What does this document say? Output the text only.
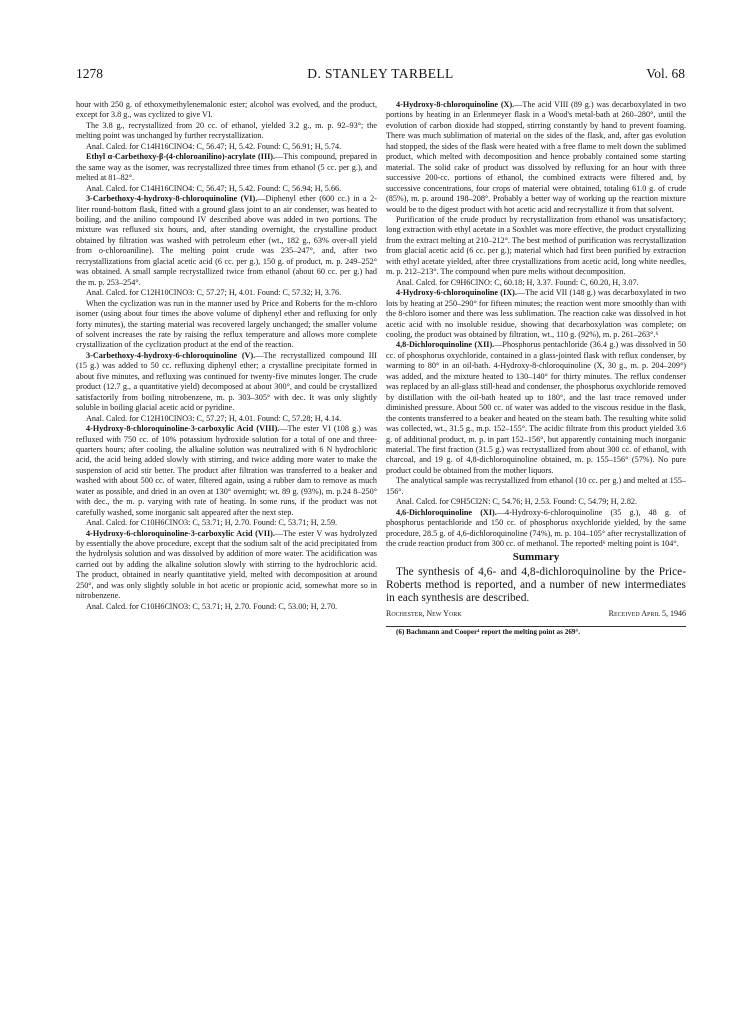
1278	D. STANLEY TARBELL	Vol. 68

hour with 250 g. of ethoxymethylenemalonic ester; alcohol was evolved, and the product, except for 3.8 g., was cyclized to give VI.

The 3.8 g., recrystallized from 20 cc. of ethanol, yielded 3.2 g., m. p. 92–93°; the melting point was unchanged by further recrystallization.

Anal. Calcd. for C14H16ClNO4: C, 56.47; H, 5.42. Found: C, 56.91; H, 5.74.

Ethyl α-Carbethoxy-β-(4-chloroanilino)-acrylate (III).—This compound, prepared in the same way as the isomer, was recrystallized three times from ethanol (5 cc. per g.), and melted at 81–82°.

Anal. Calcd. for C14H16ClNO4: C, 56.47; H, 5.42. Found: C, 56.94; H, 5.66.

3-Carbethoxy-4-hydroxy-8-chloroquinoline (VI).—Diphenyl ether (600 cc.) in a 2-liter round-bottom flask, fitted with a ground glass joint to an air condenser, was heated to boiling, and the anilino compound IV described above was added in two portions. The mixture was refluxed six hours, and, after standing overnight, the crystalline product obtained by filtration was washed with petroleum ether (wt., 182 g., 63% over-all yield from o-chloroaniline). The melting point crude was 235–247°, and, after two recrystallizations from glacial acetic acid (6 cc. per g.), 150 g. of product, m. p. 249–252° was obtained. A small sample recrystallized twice from ethanol (about 60 cc. per g.) had the m. p. 253–254°.

Anal. Calcd. for C12H10ClNO3: C, 57.27; H, 4.01. Found: C, 57.32; H, 3.76.

When the cyclization was run in the manner used by Price and Roberts for the m-chloro isomer (using about four times the above volume of diphenyl ether and refluxing for only forty minutes), the starting material was recovered largely unchanged; the smaller volume of solvent increases the rate by raising the reflux temperature and allows more complete crystallization of the cyclization product at the end of the reaction.

3-Carbethoxy-4-hydroxy-6-chloroquinoline (V).—The recrystallized compound III (15 g.) was added to 50 cc. refluxing diphenyl ether; a crystalline precipitate formed in about five minutes, and refluxing was continued for twenty-five minutes longer. The crude product (12.7 g., a quantitative yield) decomposed at about 300°, and could be crystallized satisfactorily from boiling nitrobenzene, m. p. 303–305° with dec. It was only slightly soluble in boiling glacial acetic acid or pyridine.

Anal. Calcd. for C12H10ClNO3: C, 57.27; H, 4.01. Found: C, 57.28; H, 4.14.

4-Hydroxy-8-chloroquinoline-3-carboxylic Acid (VIII).—The ester VI (108 g.) was refluxed with 750 cc. of 10% potassium hydroxide solution for a total of one and three-quarters hours; after cooling, the alkaline solution was neutralized with 6 N hydrochloric acid, the acid being added slowly with stirring, and twice adding more water to make the suspension of acid stir better. The product after filtration was transferred to a beaker and washed with about 500 cc. of water, filtered again, using a rubber dam to remove as much water as possible, and dried in an oven at 130° overnight; wt. 89 g. (93%), m. p.24 8–250° with dec., the m. p. varying with rate of heating. In some runs, if the product was not carefully washed, some inorganic salt appeared after the next step.

Anal. Calcd. for C10H6ClNO3: C, 53.71; H, 2.70. Found: C, 53.71; H, 2.59.

4-Hydroxy-6-chloroquinoline-3-carboxylic Acid (VII).—The ester V was hydrolyzed by essentially the above procedure, except that the sodium salt of the acid precipitated from the hydrolysis solution and was dissolved by addition of more water. The acidification was carried out by adding the alkaline solution slowly with stirring to the hydrochloric acid. The product, obtained in nearly quantitative yield, melted with decomposition at around 250°, and was only slightly soluble in hot acetic or propionic acid, somewhat more so in nitrobenzene.

Anal. Calcd. for C10H6ClNO3: C, 53.71; H, 2.70. Found: C, 53.00; H, 2.70.

4-Hydroxy-8-chloroquinoline (X).—The acid VIII (89 g.) was decarboxylated in two portions by heating in an Erlenmeyer flask in a Wood's metal-bath at 260–280°, until the evolution of carbon dioxide had stopped, stirring constantly by hand to prevent foaming. There was much sublimation of material on the sides of the flask, and, after gas evolution had stopped, the sides of the flask were heated with a free flame to melt down the sublimed product, which melted with decomposition and hence probably contained some starting material. The solid cake of product was dissolved by refluxing for an hour with three successive 200-cc. portions of ethanol, the combined extracts were filtered and, by successive concentrations, four crops of material were obtained, totaling 61.0 g. of crude (85%), m. p. around 198–208°. Probably a better way of working up the reaction mixture would be to the digest product with hot acetic acid and recrystallize it from that solvent.

Purification of the crude product by recrystallization from ethanol was unsatisfactory; long extraction with ethyl acetate in a Soxhlet was more effective, the product crystallizing from the extract melting at 210–212°. The best method of purification was recrystallization from glacial acetic acid (6 cc. per g.); material which had first been purified by extraction with ethyl acetate yielded, after three crystallizations from acetic acid, long white needles, m. p. 212–213°. The compound when pure melts without decomposition.

Anal. Calcd. for C9H6ClNO: C, 60.18; H, 3.37. Found: C, 60.20, H, 3.07.

4-Hydroxy-6-chloroquinoline (IX).—The acid VII (148 g.) was decarboxylated in two lots by heating at 250–290° for fifteen minutes; the reaction went more smoothly than with the 8-chloro isomer and there was less sublimation. The reaction cake was dissolved in hot acetic acid with no insoluble residue, showing that decarboxylation was complete; on cooling, the product was obtained by filtration, wt., 110 g. (92%), m. p. 261–263°.⁶

4,8-Dichloroquinoline (XII).—Phosphorus pentachloride (36.4 g.) was dissolved in 50 cc. of phosphorus oxychloride, contained in a glass-jointed flask with reflux condenser, by warming to 80° in an oil-bath. 4-Hydroxy-8-chloroquinoline (X, 30 g., m. p. 204–209°) was added, and the mixture heated to 130–140° for thirty minutes. The reflux condenser was replaced by an all-glass still-head and condenser, the phosphorus oxychloride removed by distillation with the oil-bath heated up to 180°, and the last trace removed under diminished pressure. About 500 cc. of water was added to the viscous residue in the flask, the contents transferred to a beaker and heated on the steam bath. The resulting white solid was collected, wt., 31.5 g., m.p. 152–155°. The acidic filtrate from this product yielded 3.6 g. of additional product, m. p. in part 152–156°, but apparently containing much inorganic material. The first fraction (31.5 g.) was recrystallized from about 300 cc. of ethanol, with charcoal, and 19 g. of 4,8-dichloroquinoline obtained, m. p. 155–156° (57%). No pure product could be obtained from the mother liquors.

The analytical sample was recrystallized from ethanol (10 cc. per g.) and melted at 155–156°.

Anal. Calcd. for C9H5Cl2N: C, 54.76; H, 2.53. Found: C, 54.79; H, 2.82.

4,6-Dichloroquinoline (XI).—4-Hydroxy-6-chloroquinoline (35 g.), 48 g. of phosphorus pentachloride and 150 cc. of phosphorus oxychloride yielded, by the same procedure, 28.5 g. of 4,6-dichloroquinoline (74%), m. p. 104–105° after recrystallization of the crude reaction product from 300 cc. of methanol. The reported⁶ melting point is 104°.

Summary

The synthesis of 4,6- and 4,8-dichloroquinoline by the Price-Roberts method is reported, and a number of new intermediates in each synthesis are described.

Rochester, New York	Received April 5, 1946

(6) Bachmann and Cooper⁴ report the melting point as 269°.
